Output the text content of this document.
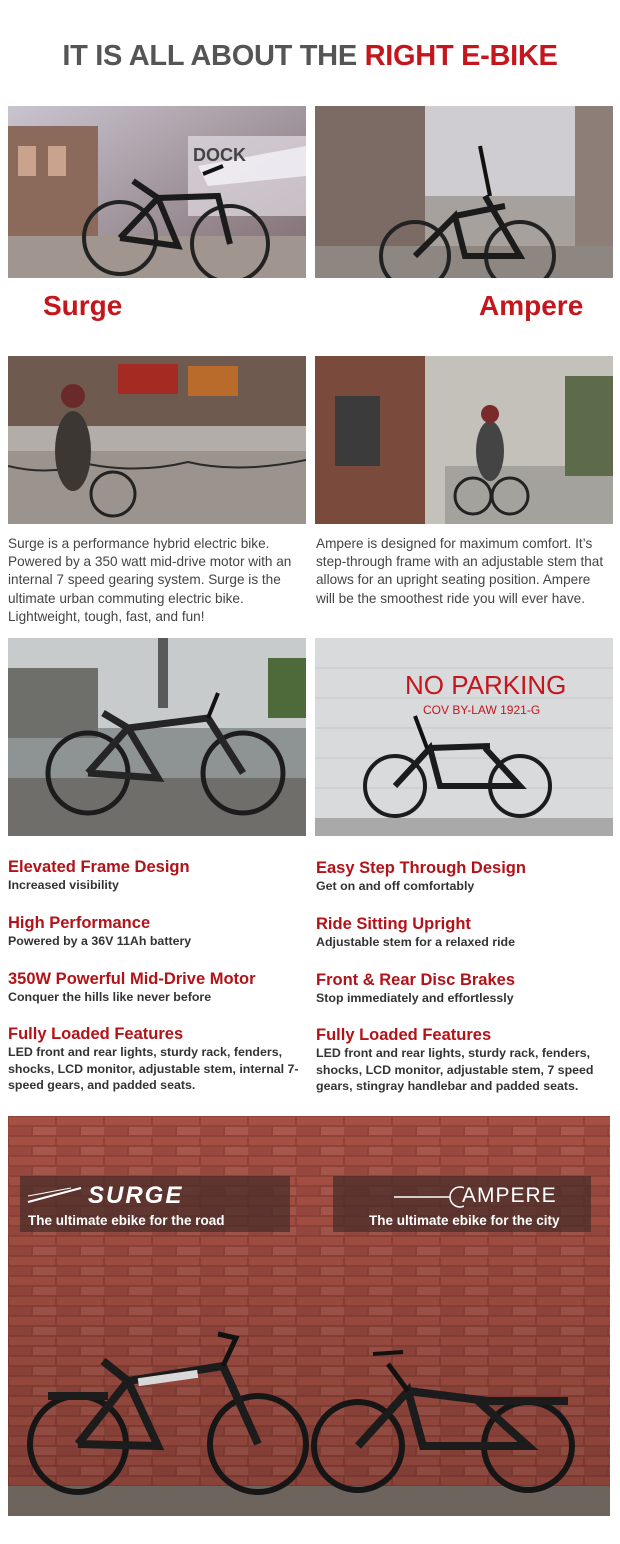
IT IS ALL ABOUT THE RIGHT E-BIKE
DOCK
Surge	Ampere
Surge is a performance hybrid electric bike. Powered by a 350 watt mid-drive motor with an internal 7 speed gearing system. Surge is the ultimate urban commuting electric bike. Lightweight, tough, fast, and fun!
Ampere is designed for maximum comfort. It’s step-through frame with an adjustable stem that allows for an upright seating position. Ampere will be the smoothest ride you will ever have.
NO PARKING
COV BY-LAW 1921-G
Elevated Frame Design

Increased visibility

High Performance

Powered by a 36V 11Ah battery

350W Powerful Mid-Drive Motor

Conquer the hills like never before

Fully Loaded Features

LED front and rear lights, sturdy rack, fenders, shocks, LCD monitor, adjustable stem, internal 7-speed gears, and padded seats.

Easy Step Through Design

Get on and off comfortably

Ride Sitting Upright

Adjustable stem for a relaxed ride

Front & Rear Disc Brakes

Stop immediately and effortlessly

Fully Loaded Features

LED front and rear lights, sturdy rack, fenders, shocks, LCD monitor, adjustable stem, 7 speed gears, stingray handlebar and padded seats.

SURGE
The ultimate ebike for the road
AMPERE
The ultimate ebike for the city
